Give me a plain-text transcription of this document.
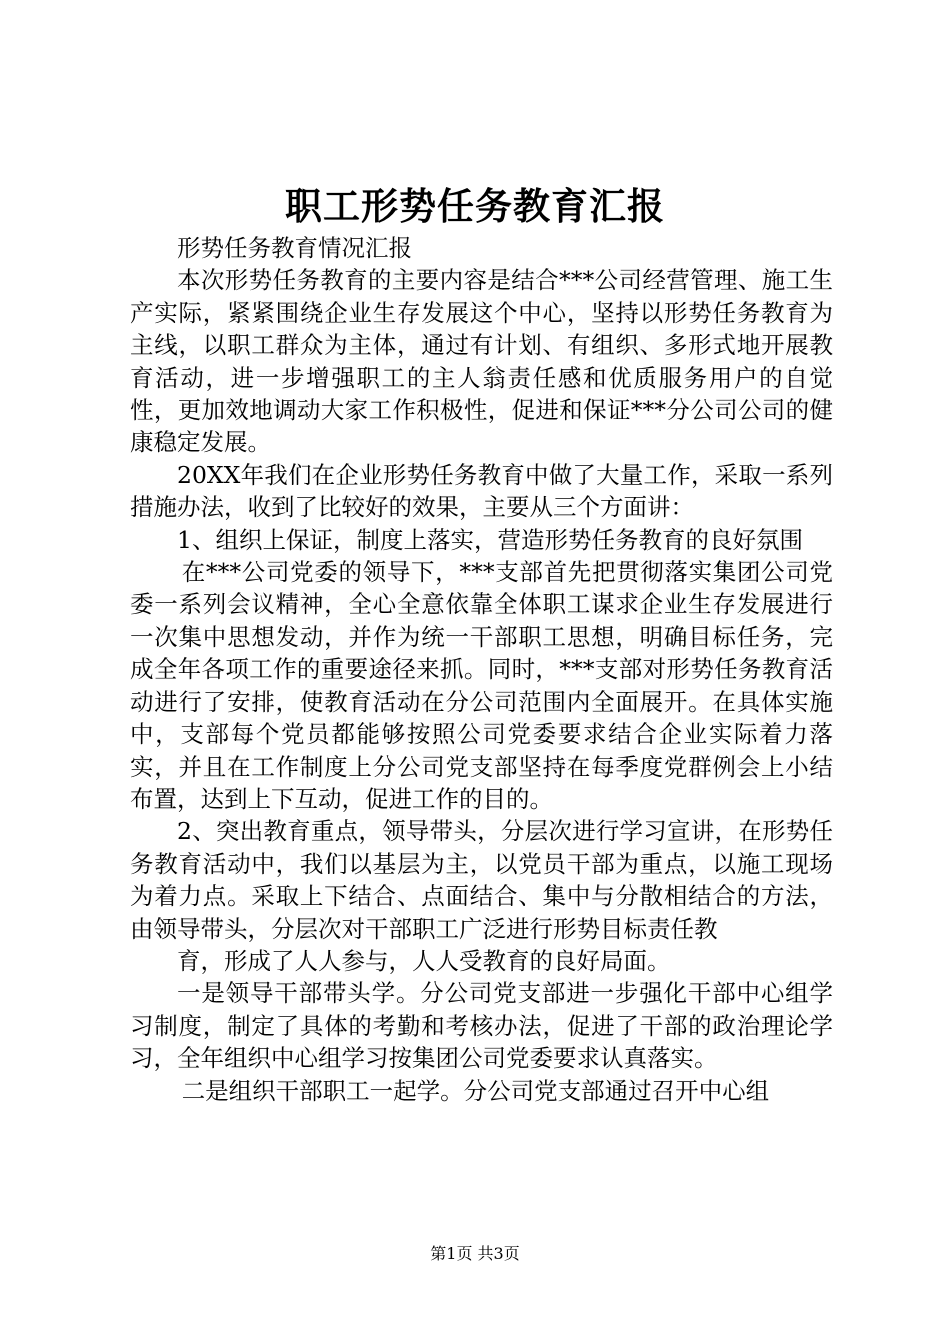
职工形势任务教育汇报

形势任务教育情况汇报

本次形势任务教育的主要内容是结合***公司经营管理、施工生产实际，紧紧围绕企业生存发展这个中心，坚持以形势任务教育为主线，以职工群众为主体，通过有计划、有组织、多形式地开展教育活动，进一步增强职工的主人翁责任感和优质服务用户的自觉性，更加效地调动大家工作积极性，促进和保证***分公司公司的健康稳定发展。

20XX年我们在企业形势任务教育中做了大量工作，采取一系列措施办法，收到了比较好的效果，主要从三个方面讲：

1、组织上保证，制度上落实，营造形势任务教育的良好氛围

在***公司党委的领导下，***支部首先把贯彻落实集团公司党委一系列会议精神，全心全意依靠全体职工谋求企业生存发展进行一次集中思想发动，并作为统一干部职工思想，明确目标任务，完成全年各项工作的重要途径来抓。同时，***支部对形势任务教育活动进行了安排，使教育活动在分公司范围内全面展开。在具体实施中，支部每个党员都能够按照公司党委要求结合企业实际着力落实，并且在工作制度上分公司党支部坚持在每季度党群例会上小结布置，达到上下互动，促进工作的目的。

2、突出教育重点，领导带头，分层次进行学习宣讲，在形势任务教育活动中，我们以基层为主，以党员干部为重点，以施工现场为着力点。采取上下结合、点面结合、集中与分散相结合的方法，由领导带头，分层次对干部职工广泛进行形势目标责任教

育，形成了人人参与，人人受教育的良好局面。

一是领导干部带头学。分公司党支部进一步强化干部中心组学习制度，制定了具体的考勤和考核办法，促进了干部的政治理论学习，全年组织中心组学习按集团公司党委要求认真落实。

二是组织干部职工一起学。分公司党支部通过召开中心组

第1页 共3页
